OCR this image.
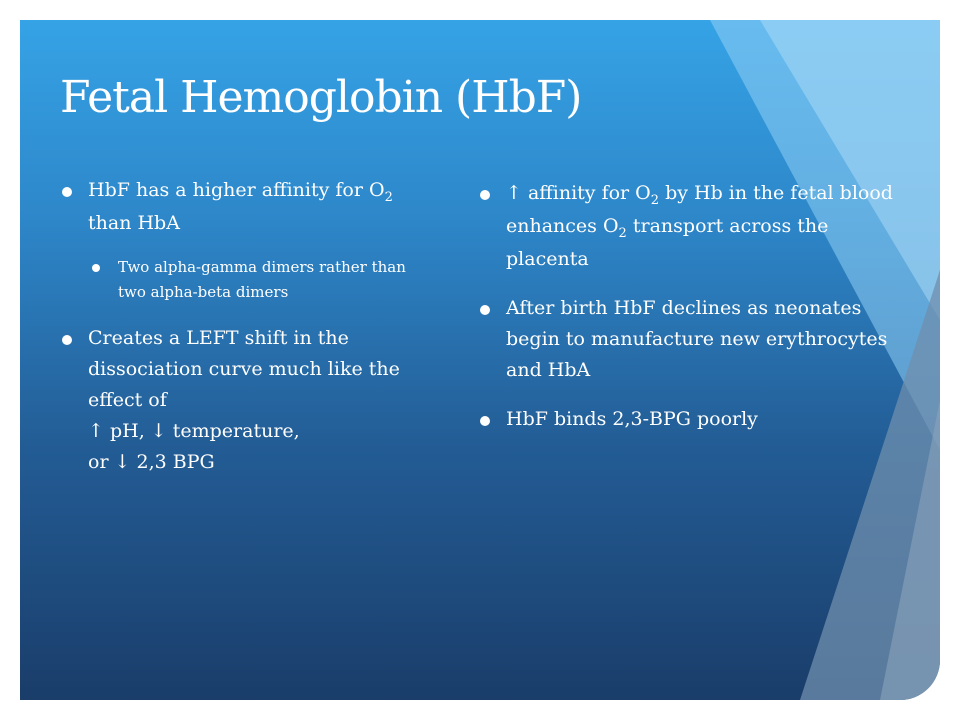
Fetal Hemoglobin (HbF)
HbF has a higher affinity for $O_2$ than HbA
Two alpha-gamma dimers rather than two alpha-beta dimers
Creates a LEFT shift in the dissociation curve much like the effect of
↑ pH, ↓ temperature,
or ↓ 2,3 BPG
↑ affinity for $O_2$ by Hb in the fetal blood enhances $O_2$ transport across the placenta
After birth HbF declines as neonates begin to manufacture new erythrocytes and HbA
HbF binds 2,3-BPG poorly
